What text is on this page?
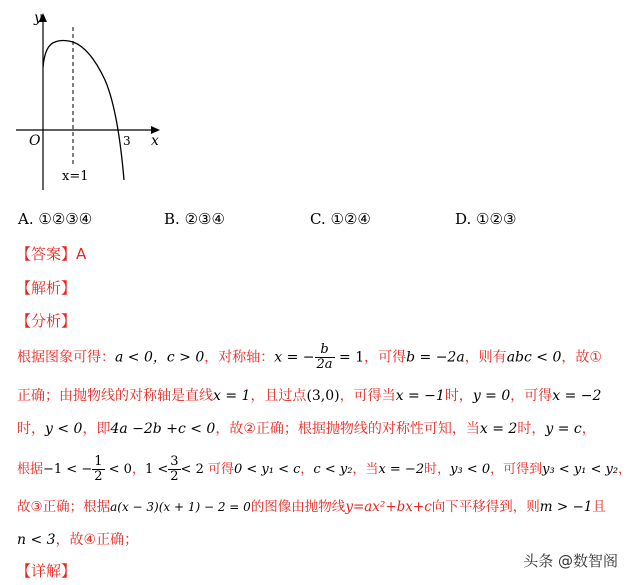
y
x
O	3
x=1
A. ①②③④	B. ②③④	C. ①②④	D. ①②③
【答案】A
【解析】
【分析】
根据图象可得：a < 0，c > 0，对称轴：x = − $\frac{b}{2a} = 1$，可得b = −2a，则有abc < 0，故①
正确；由抛物线的对称轴是直线x = 1，且过点(3,0)，可得当x = −1时，y = 0，可得x = −2
时，y < 0，即4a −2b +c < 0，故②正确；根据抛物线的对称性可知，当x = 2时，y = c，
根据−1 < − $\frac{1}{2} < 0$，$1 < \frac{3}{2} < 2$ 可得0 < y₁ < c，c < y₂，当x = −2时，y₃ < 0，可得到y₃ < y₁ < y₂，
故③正确；根据a(x − 3)(x + 1) − 2 = 0的图像由抛物线y=ax²+bx+c向下平移得到，则m > −1且
n < 3，故④正确；
【详解】
头条 @数智阁
